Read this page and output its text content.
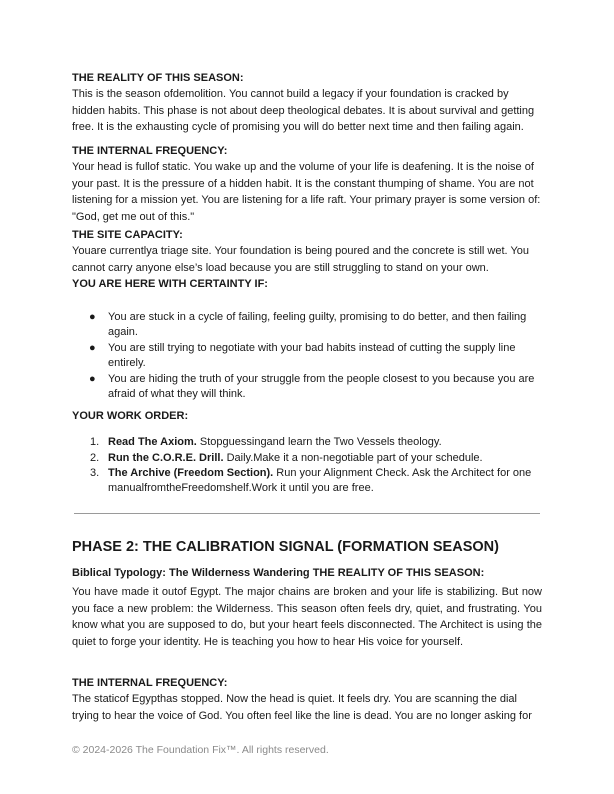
THE REALITY OF THIS SEASON:

This is the season ofdemolition. You cannot build a legacy if your foundation is cracked by hidden habits. This phase is not about deep theological debates. It is about survival and getting free. It is the exhausting cycle of promising you will do better next time and then failing again.

THE INTERNAL FREQUENCY:

Your head is fullof static. You wake up and the volume of your life is deafening. It is the noise of your past. It is the pressure of a hidden habit. It is the constant thumping of shame. You are not listening for a mission yet. You are listening for a life raft. Your primary prayer is some version of: "God, get me out of this."

THE SITE CAPACITY:

Youare currentlya triage site. Your foundation is being poured and the concrete is still wet. You cannot carry anyone else’s load because you are still struggling to stand on your own.

YOU ARE HERE WITH CERTAINTY IF:
● You are stuck in a cycle of failing, feeling guilty, promising to do better, and then failing again.
● You are still trying to negotiate with your bad habits instead of cutting the supply line entirely.
● You are hiding the truth of your struggle from the people closest to you because you are afraid of what they will think.
YOUR WORK ORDER:
1. Read The Axiom. Stopguessingand learn the Two Vessels theology.
2. Run the C.O.R.E. Drill. Daily.Make it a non-negotiable part of your schedule.
3. The Archive (Freedom Section). Run your Alignment Check. Ask the Architect for one manualfromtheFreedomshelf.Work it until you are free.
PHASE 2: THE CALIBRATION SIGNAL (FORMATION SEASON)
Biblical Typology: The Wilderness Wandering THE REALITY OF THIS SEASON:

You have made it outof Egypt. The major chains are broken and your life is stabilizing. But now you face a new problem: the Wilderness. This season often feels dry, quiet, and frustrating. You know what you are supposed to do, but your heart feels disconnected. The Architect is using the quiet to forge your identity. He is teaching you how to hear His voice for yourself.

THE INTERNAL FREQUENCY:

The staticof Egypthas stopped. Now the head is quiet. It feels dry. You are scanning the dial trying to hear the voice of God. You often feel like the line is dead. You are no longer asking for

© 2024-2026 The Foundation Fix™. All rights reserved.
